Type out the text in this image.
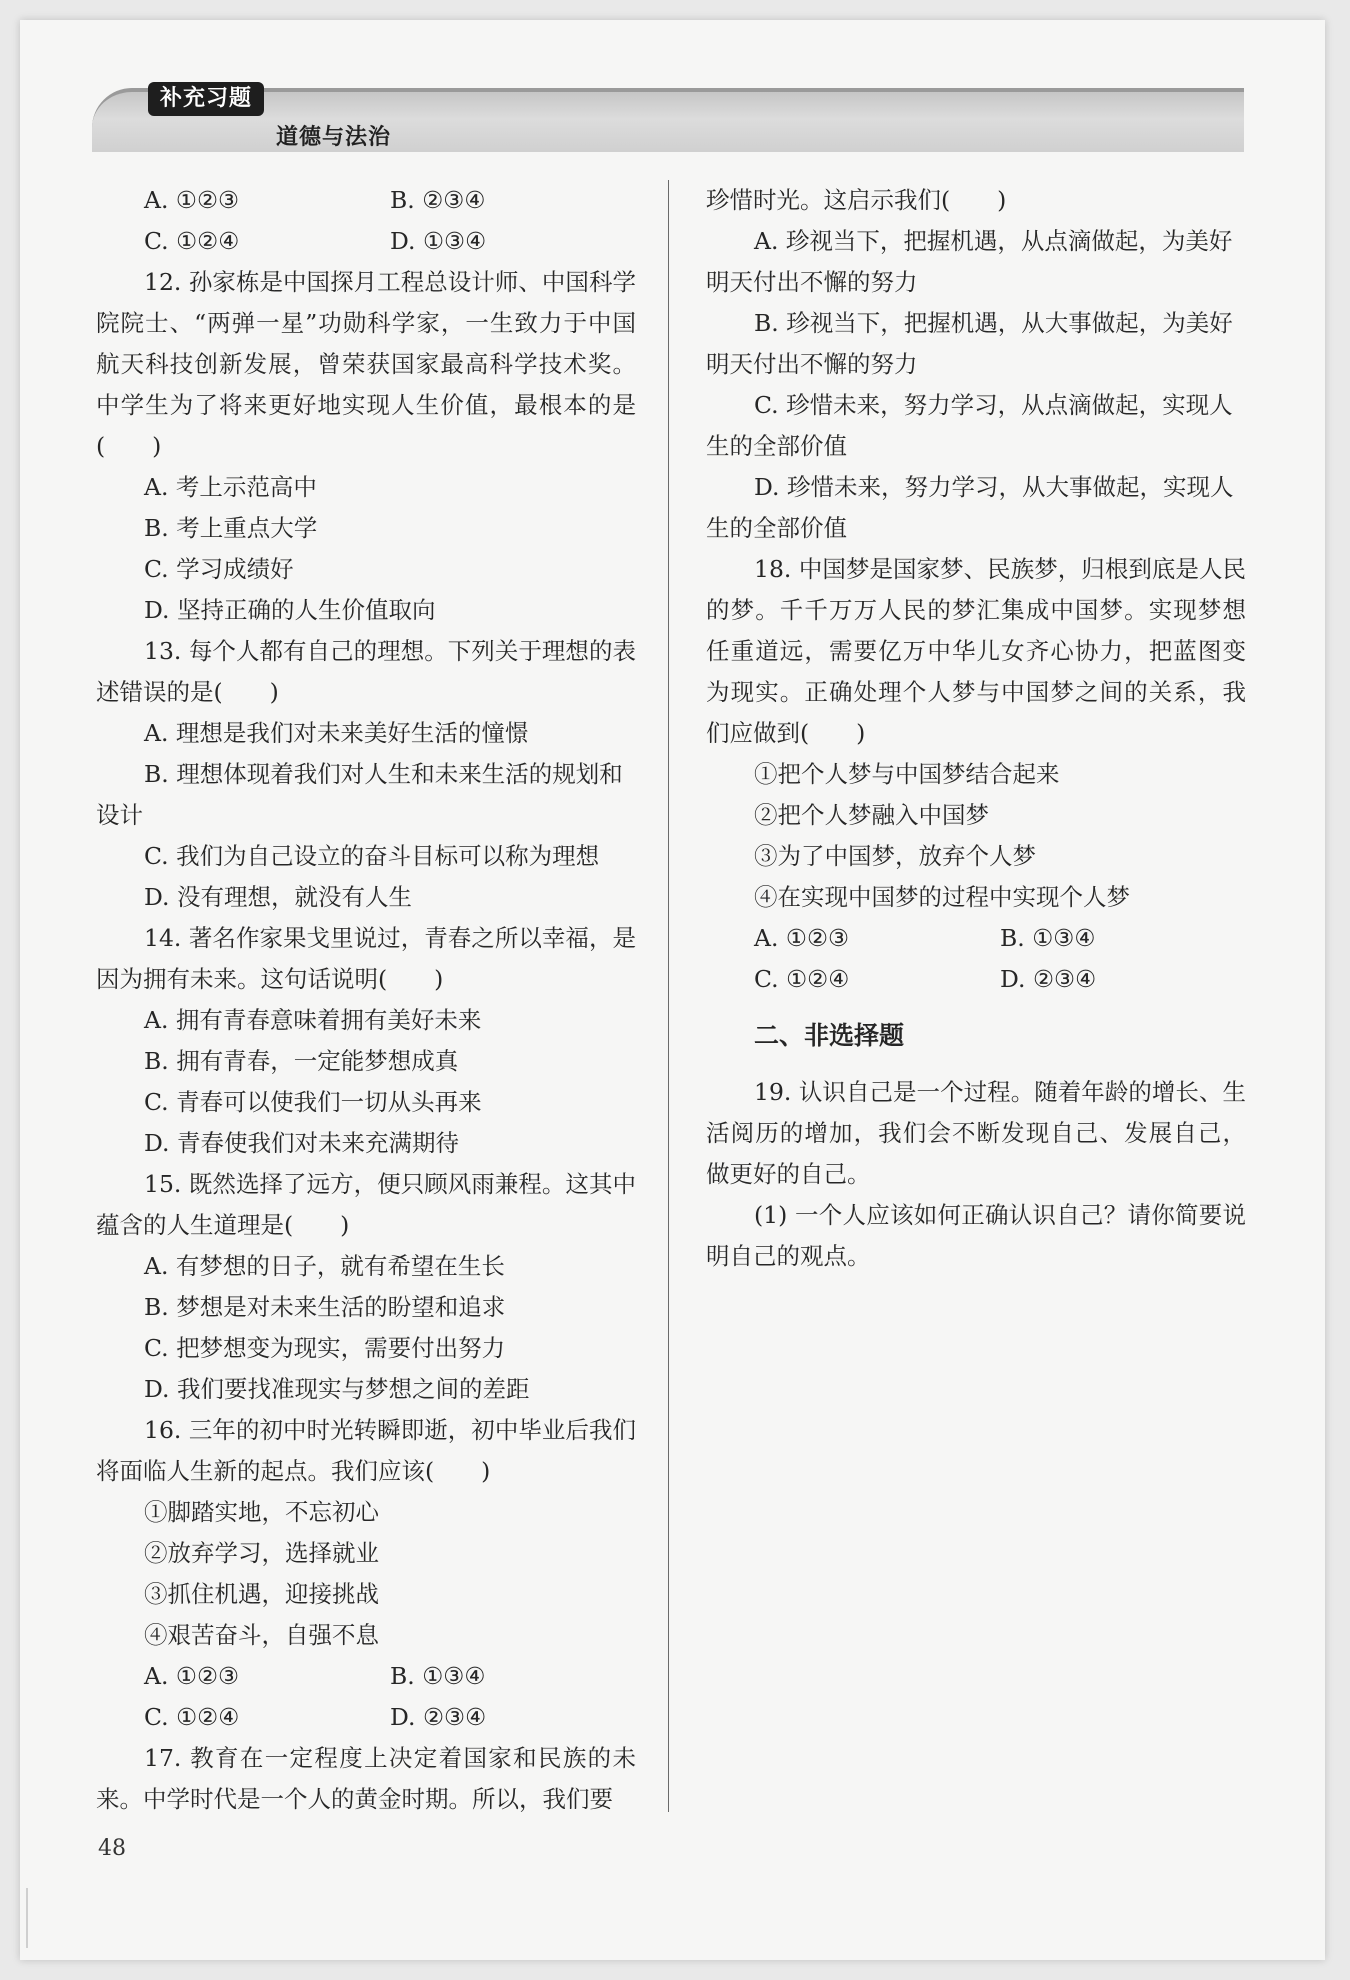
补充习题
道德与法治
A. ①②③	B. ②③④
C. ①②④	D. ①③④
12. 孙家栋是中国探月工程总设计师、中国科学院院士、“两弹一星”功勋科学家，一生致力于中国航天科技创新发展，曾荣获国家最高科学技术奖。中学生为了将来更好地实现人生价值，最根本的是(　　)
A. 考上示范高中
B. 考上重点大学
C. 学习成绩好
D. 坚持正确的人生价值取向
13. 每个人都有自己的理想。下列关于理想的表述错误的是(　　)
A. 理想是我们对未来美好生活的憧憬
B. 理想体现着我们对人生和未来生活的规划和设计
C. 我们为自己设立的奋斗目标可以称为理想
D. 没有理想，就没有人生
14. 著名作家果戈里说过，青春之所以幸福，是因为拥有未来。这句话说明(　　)
A. 拥有青春意味着拥有美好未来
B. 拥有青春，一定能梦想成真
C. 青春可以使我们一切从头再来
D. 青春使我们对未来充满期待
15. 既然选择了远方，便只顾风雨兼程。这其中蕴含的人生道理是(　　)
A. 有梦想的日子，就有希望在生长
B. 梦想是对未来生活的盼望和追求
C. 把梦想变为现实，需要付出努力
D. 我们要找准现实与梦想之间的差距
16. 三年的初中时光转瞬即逝，初中毕业后我们将面临人生新的起点。我们应该(　　)
①脚踏实地，不忘初心
②放弃学习，选择就业
③抓住机遇，迎接挑战
④艰苦奋斗，自强不息
A. ①②③	B. ①③④
C. ①②④	D. ②③④
17. 教育在一定程度上决定着国家和民族的未来。中学时代是一个人的黄金时期。所以，我们要
珍惜时光。这启示我们(　　)
A. 珍视当下，把握机遇，从点滴做起，为美好明天付出不懈的努力
B. 珍视当下，把握机遇，从大事做起，为美好明天付出不懈的努力
C. 珍惜未来，努力学习，从点滴做起，实现人生的全部价值
D. 珍惜未来，努力学习，从大事做起，实现人生的全部价值
18. 中国梦是国家梦、民族梦，归根到底是人民的梦。千千万万人民的梦汇集成中国梦。实现梦想任重道远，需要亿万中华儿女齐心协力，把蓝图变为现实。正确处理个人梦与中国梦之间的关系，我们应做到(　　)
①把个人梦与中国梦结合起来
②把个人梦融入中国梦
③为了中国梦，放弃个人梦
④在实现中国梦的过程中实现个人梦
A. ①②③	B. ①③④
C. ①②④	D. ②③④
二、非选择题
19. 认识自己是一个过程。随着年龄的增长、生活阅历的增加，我们会不断发现自己、发展自己，做更好的自己。
(1) 一个人应该如何正确认识自己？请你简要说明自己的观点。
48
